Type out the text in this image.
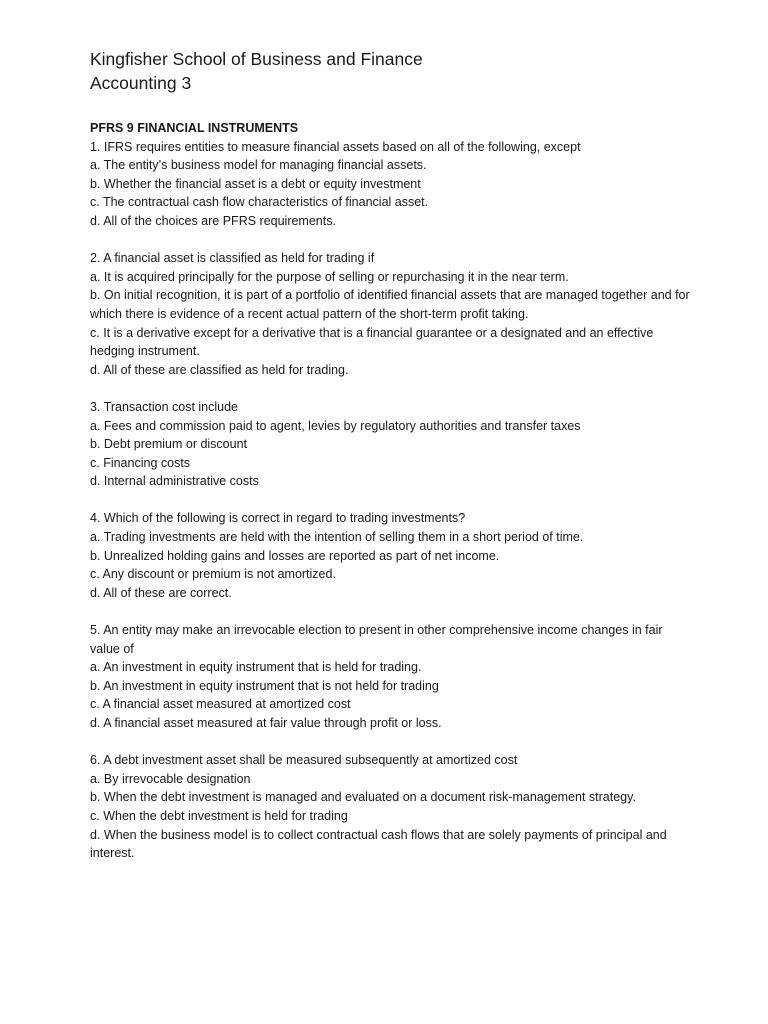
Kingfisher School of Business and Finance

Accounting 3

PFRS 9 FINANCIAL INSTRUMENTS

1. IFRS requires entities to measure financial assets based on all of the following, except

a. The entity’s business model for managing financial assets.

b. Whether the financial asset is a debt or equity investment

c. The contractual cash flow characteristics of financial asset.

d. All of the choices are PFRS requirements.

2. A financial asset is classified as held for trading if

a. It is acquired principally for the purpose of selling or repurchasing it in the near term.

b. On initial recognition, it is part of a portfolio of identified financial assets that are managed together and for which there is evidence of a recent actual pattern of the short-term profit taking.

c. It is a derivative except for a derivative that is a financial guarantee or a designated and an effective hedging instrument.

d. All of these are classified as held for trading.

3. Transaction cost include

a. Fees and commission paid to agent, levies by regulatory authorities and transfer taxes

b. Debt premium or discount

c. Financing costs

d. Internal administrative costs

4. Which of the following is correct in regard to trading investments?

a. Trading investments are held with the intention of selling them in a short period of time.

b. Unrealized holding gains and losses are reported as part of net income.

c. Any discount or premium is not amortized.

d. All of these are correct.

5. An entity may make an irrevocable election to present in other comprehensive income changes in fair value of

a. An investment in equity instrument that is held for trading.

b. An investment in equity instrument that is not held for trading

c. A financial asset measured at amortized cost

d. A financial asset measured at fair value through profit or loss.

6. A debt investment asset shall be measured subsequently at amortized cost

a. By irrevocable designation

b. When the debt investment is managed and evaluated on a document risk-management strategy.

c. When the debt investment is held for trading

d. When the business model is to collect contractual cash flows that are solely payments of principal and interest.
